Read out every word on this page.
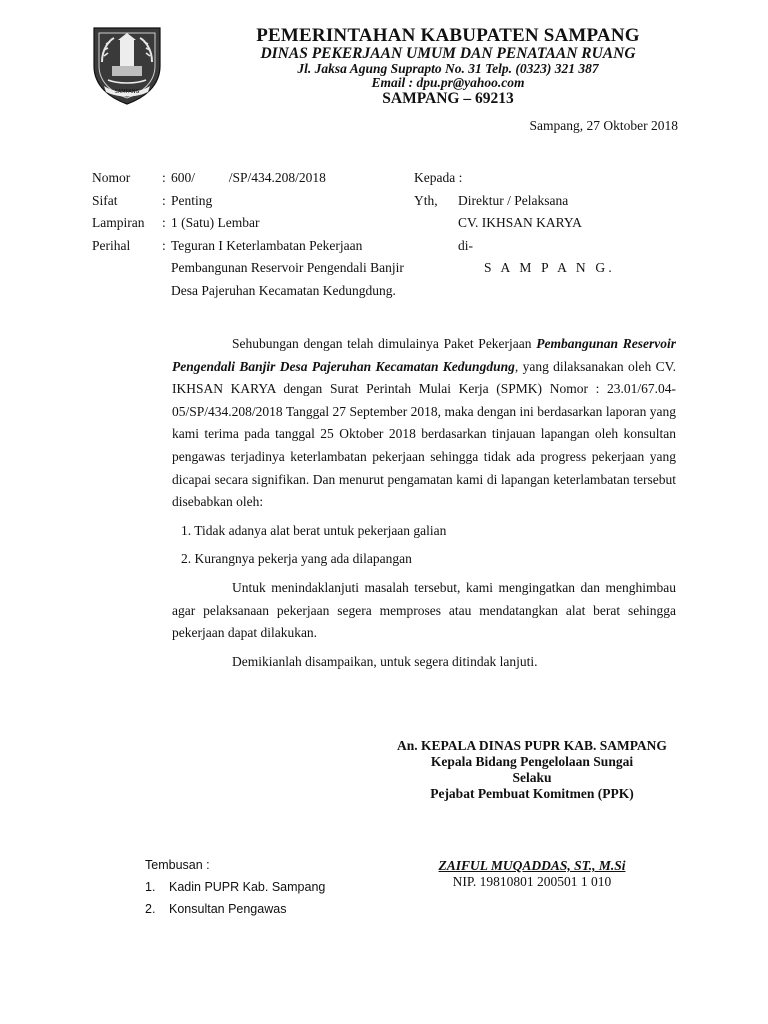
SAMPANG
PEMERINTAHAN KABUPATEN SAMPANG
DINAS PEKERJAAN UMUM DAN PENATAAN RUANG
Jl. Jaksa Agung Suprapto No. 31 Telp. (0323) 321 387
Email : dpu.pr@yahoo.com
SAMPANG – 69213
Sampang, 27 Oktober 2018
Nomor	: 600/          /SP/434.208/2018
Sifat	: Penting
Lampiran	: 1 (Satu) Lembar
Perihal	: Teguran I Keterlambatan Pekerjaan
Pembangunan Reservoir Pengendali Banjir
Desa Pajeruhan Kecamatan Kedungdung.
Kepada :
Yth, Direktur / Pelaksana
CV. IKHSAN KARYA
di-
S A M P A N G.

Sehubungan dengan telah dimulainya Paket Pekerjaan Pembangunan Reservoir Pengendali Banjir Desa Pajeruhan Kecamatan Kedungdung, yang dilaksanakan oleh CV. IKHSAN KARYA dengan Surat Perintah Mulai Kerja (SPMK) Nomor : 23.01/67.04-05/SP/434.208/2018 Tanggal 27 September 2018, maka dengan ini berdasarkan laporan yang kami terima pada tanggal 25 Oktober 2018 berdasarkan tinjauan lapangan oleh konsultan pengawas terjadinya keterlambatan pekerjaan sehingga tidak ada progress pekerjaan yang dicapai secara signifikan. Dan menurut pengamatan kami di lapangan keterlambatan tersebut disebabkan oleh:

1. Tidak adanya alat berat untuk pekerjaan galian
2. Kurangnya pekerja yang ada dilapangan

Untuk menindaklanjuti masalah tersebut, kami mengingatkan dan menghimbau agar pelaksanaan pekerjaan segera memproses atau mendatangkan alat berat sehingga pekerjaan dapat dilakukan.

Demikianlah disampaikan, untuk segera ditindak lanjuti.

An. KEPALA DINAS PUPR KAB. SAMPANG
Kepala Bidang Pengelolaan Sungai
Selaku
Pejabat Pembuat Komitmen (PPK)
ZAIFUL MUQADDAS, ST., M.Si
NIP. 19810801 200501 1 010
Tembusan :
1. Kadin PUPR Kab. Sampang
2. Konsultan Pengawas
